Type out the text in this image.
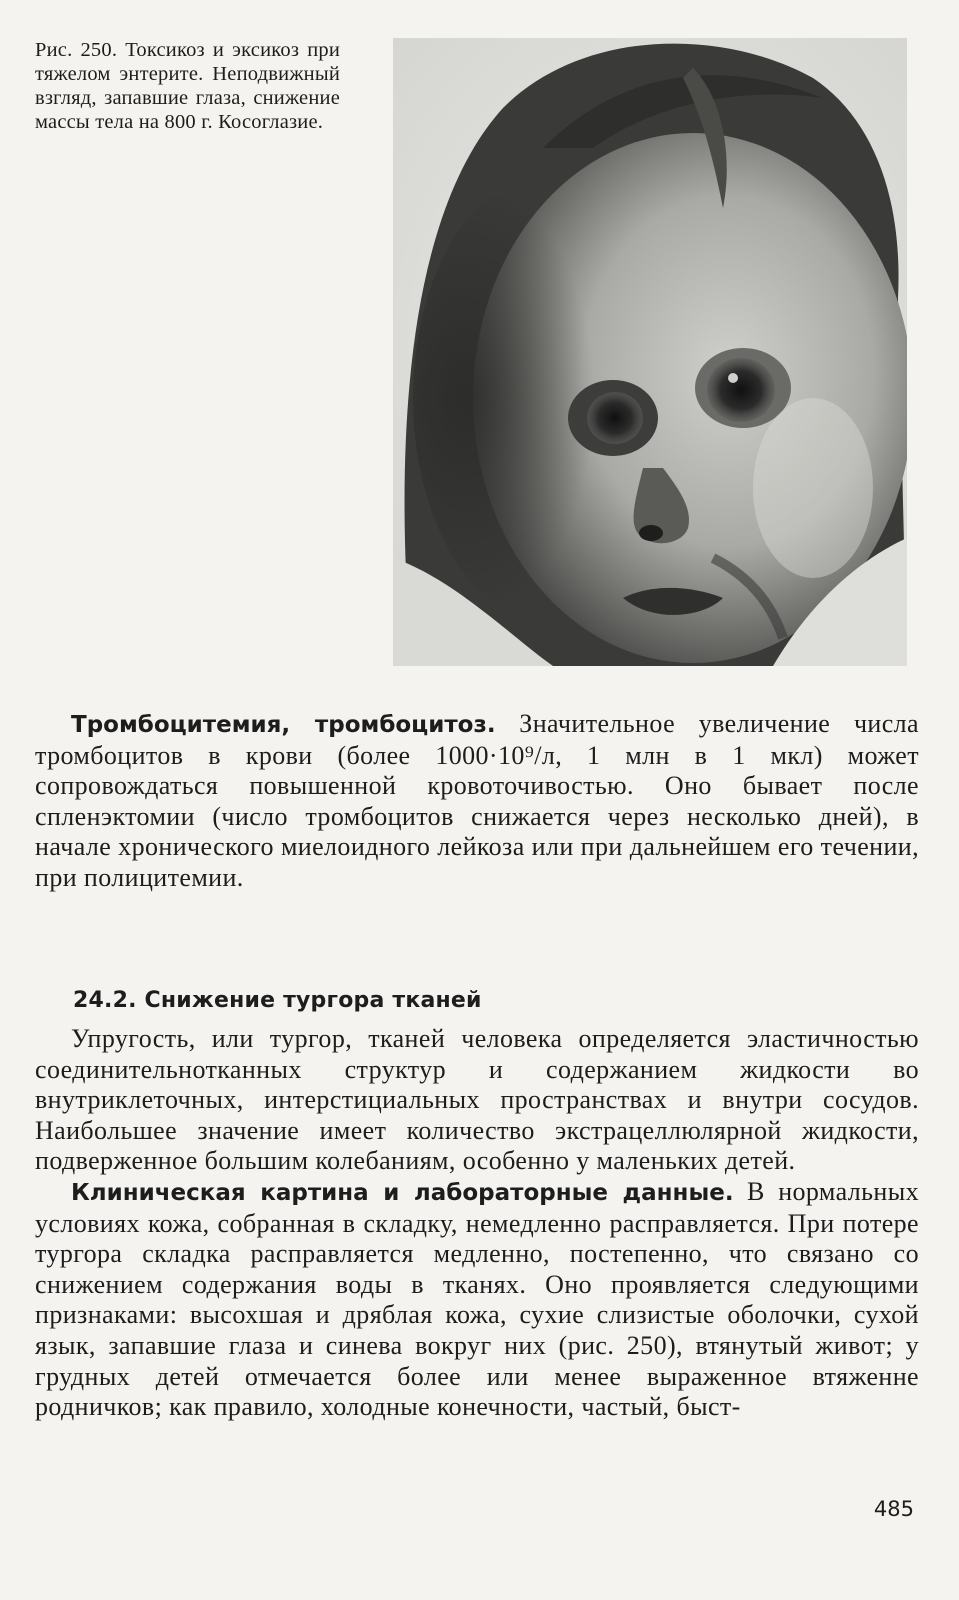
Рис. 250. Токсикоз и эксикоз при тяжелом энтерите. Неподвижный взгляд, запавшие глаза, снижение массы тела на 800 г. Косоглазие.

Тромбоцитемия, тромбоцитоз. Значительное увеличение числа тромбоцитов в крови (более 1000·10⁹/л, 1 млн в 1 мкл) может сопровождаться повышенной кровоточивостью. Оно бывает после спленэктомии (число тромбоцитов снижается через несколько дней), в начале хронического миелоидного лейкоза или при дальнейшем его течении, при полицитемии.

24.2. Снижение тургора тканей

Упругость, или тургор, тканей человека определяется эластичностью соединительнотканных структур и содержанием жидкости во внутриклеточных, интерстициальных пространствах и внутри сосудов. Наибольшее значение имеет количество экстрацеллюлярной жидкости, подверженное большим колебаниям, особенно у маленьких детей.

Клиническая картина и лабораторные данные. В нормальных условиях кожа, собранная в складку, немедленно расправляется. При потере тургора складка расправляется медленно, постепенно, что связано со снижением содержания воды в тканях. Оно проявляется следующими признаками: высохшая и дряблая кожа, сухие слизистые оболочки, сухой язык, запавшие глаза и синева вокруг них (рис. 250), втянутый живот; у грудных детей отмечается более или менее выраженное втяженне родничков; как правило, холодные конечности, частый, быст-

485
